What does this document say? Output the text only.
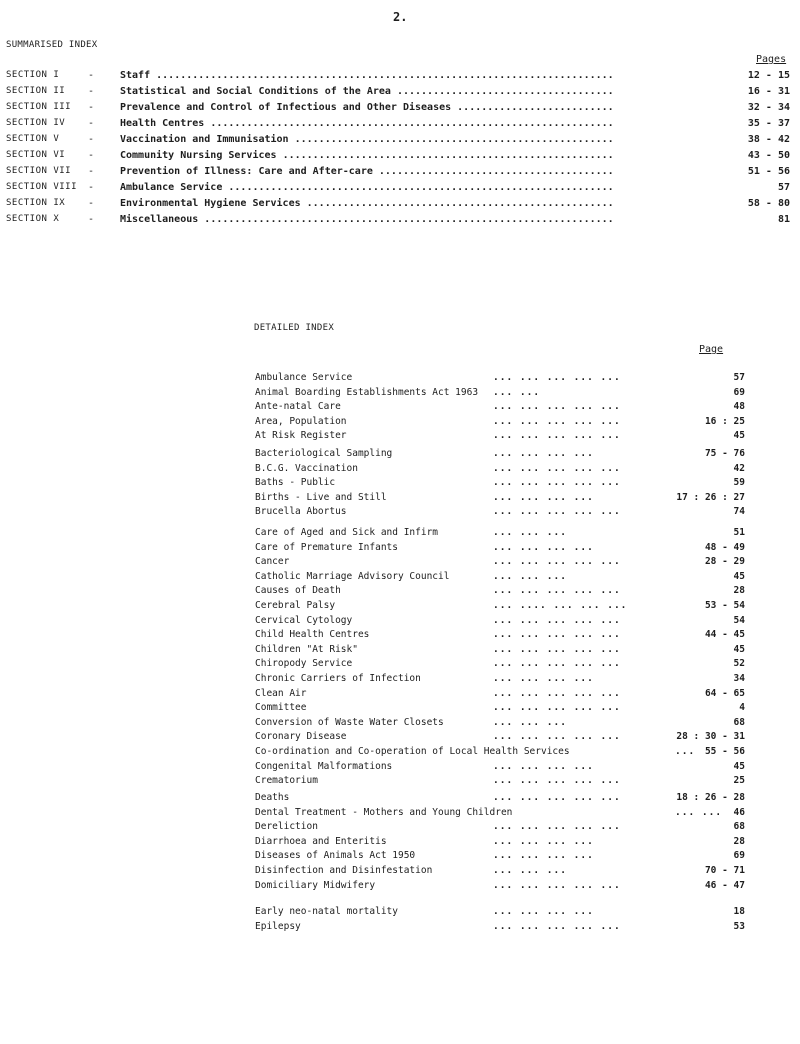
2.
SUMMARISED INDEX
Pages
SECTION I	-	Staff .....	12 - 15
SECTION II	-	Statistical and Social Conditions of the Area .....	16 - 31
SECTION III	-	Prevalence and Control of Infectious and Other Diseases .....	32 - 34
SECTION IV	-	Health Centres .....	35 - 37
SECTION V	-	Vaccination and Immunisation .....	38 - 42
SECTION VI	-	Community Nursing Services .....	43 - 50
SECTION VII	-	Prevention of Illness: Care and After-care .....	51 - 56
SECTION VIII	-	Ambulance Service .....	57
SECTION IX	-	Environmental Hygiene Services .....	58 - 80
SECTION X	-	Miscellaneous .....	81
DETAILED INDEX
Page
Ambulance Service	... ... ... ... ...	57
Animal Boarding Establishments Act 1963 ... ...	69
Ante-natal Care	... ... ... ... ...	48
Area, Population	... ... ... ... ...	16 : 25
At Risk Register	... ... ... ... ...	45
Bacteriological Sampling	... ... ... ...	75 - 76
B.C.G. Vaccination	... ... ... ... ...	42
Baths - Public	... ... ... ... ...	59
Births - Live and Still	... ... ... ...	17 : 26 : 27
Brucella Abortus	... ... ... ... ...	74
Care of Aged and Sick and Infirm	... ... ...	51
Care of Premature Infants	... ... ... ...	48 - 49
Cancer	... ... ... ... ...	28 - 29
Catholic Marriage Advisory Council	... ... ...	45
Causes of Death	... ... ... ... ...	28
Cerebral Palsy	... .... ... ... ...	53 - 54
Cervical Cytology	... ... ... ... ...	54
Child Health Centres	... ... ... ... ...	44 - 45
Children "At Risk"	... ... ... ... ...	45
Chiropody Service	... ... ... ... ...	52
Chronic Carriers of Infection	... ... ... ...	34
Clean Air	... ... ... ... ...	64 - 65
Committee	... ... ... ... ...	4
Conversion of Waste Water Closets	... ... ...	68
Coronary Disease	... ... ... ... ...	28 : 30 - 31
Co-ordination and Co-operation of Local Health Services	...	55 - 56
Congenital Malformations	... ... ... ...	45
Crematorium	... ... ... ... ...	25
Deaths	... ... ... ... ...	18 : 26 - 28
Dental Treatment - Mothers and Young Children	... ...	46
Dereliction	... ... ... ... ...	68
Diarrhoea and Enteritis	... ... ... ...	28
Diseases of Animals Act 1950	... ... ... ...	69
Disinfection and Disinfestation	... ... ...	70 - 71
Domiciliary Midwifery	... ... ... ... ...	46 - 47
Early neo-natal mortality	... ... ... ...	18
Epilepsy	... ... ... ... ...	53
